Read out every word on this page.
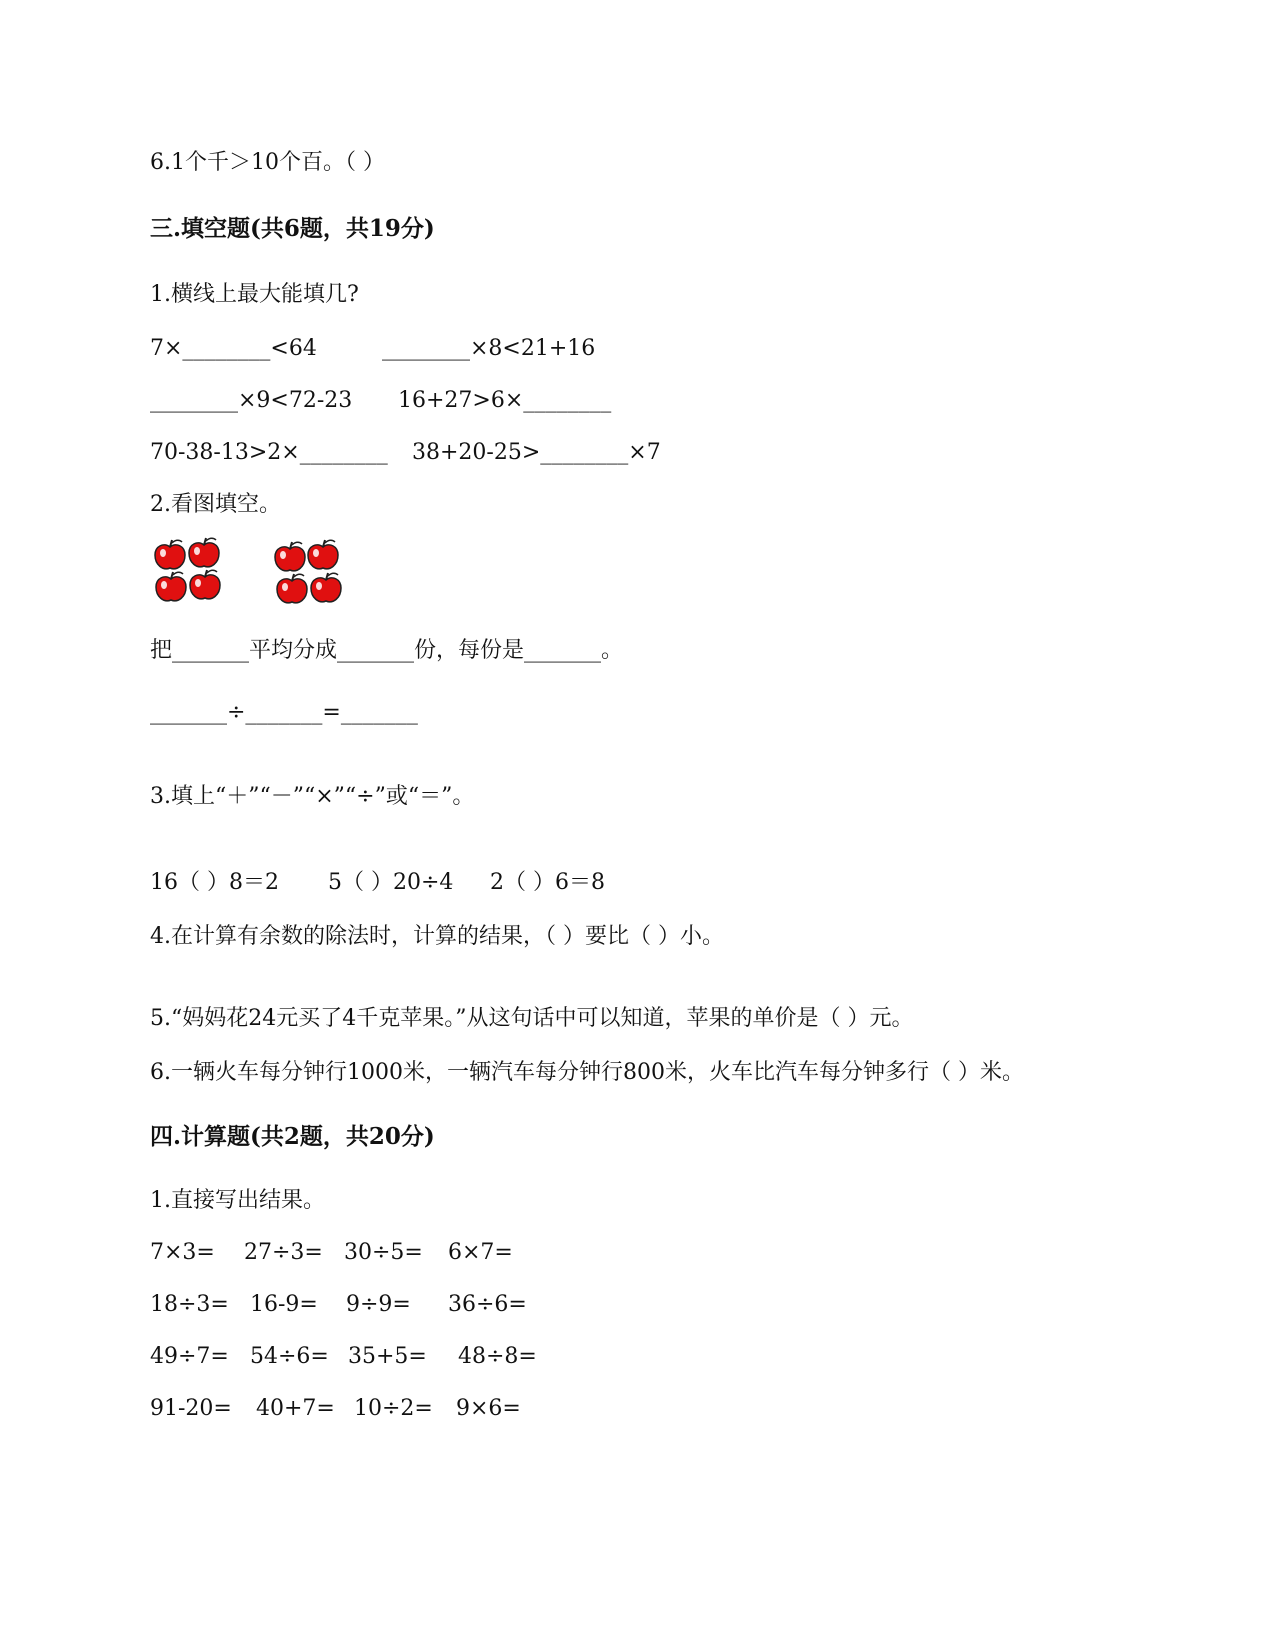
6.1个千＞10个百。（ ）
三.填空题(共6题，共19分)
1.横线上最大能填几?
7×________<64	________×8<21+16
________×9<72-23 16+27>6×________
70-38-13>2×________ 38+20-25>________×7
2.看图填空。
把_______平均分成_______份，每份是_______。
_______÷_______=_______
3.填上“＋”“－”“×”“÷”或“＝”。
16（ ）8＝2 5（ ）20÷4 2（ ）6＝8
4.在计算有余数的除法时，计算的结果，（ ）要比（ ）小。
5.“妈妈花24元买了4千克苹果。”从这句话中可以知道，苹果的单价是（ ）元。
6.一辆火车每分钟行1000米，一辆汽车每分钟行800米，火车比汽车每分钟多行（ ）米。
四.计算题(共2题，共20分)
1.直接写出结果。
7×3= 27÷3= 30÷5= 6×7=
18÷3= 16-9= 9÷9= 36÷6=
49÷7= 54÷6= 35+5= 48÷8=
91-20= 40+7= 10÷2= 9×6=
